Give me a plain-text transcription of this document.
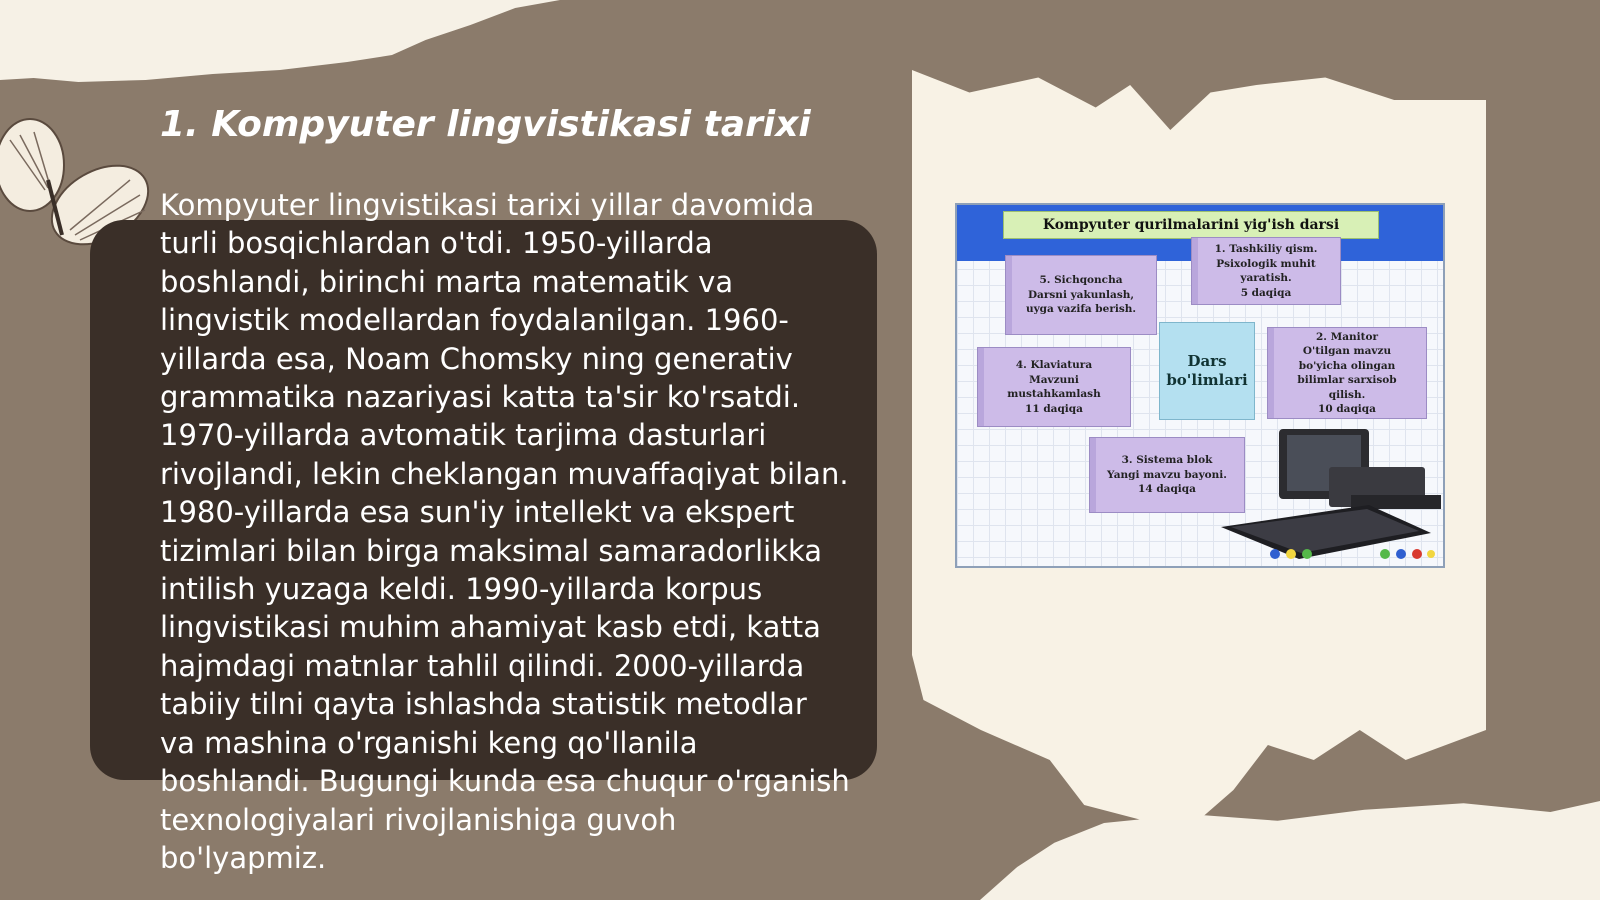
1. Kompyuter lingvistikasi tarixi

Kompyuter lingvistikasi tarixi yillar davomida turli bosqichlardan o'tdi. 1950-yillarda boshlandi, birinchi marta matematik va lingvistik modellardan foydalanilgan. 1960-yillarda esa, Noam Chomsky ning generativ grammatika nazariyasi katta ta'sir ko'rsatdi. 1970-yillarda avtomatik tarjima dasturlari rivojlandi, lekin cheklangan muvaffaqiyat bilan. 1980-yillarda esa sun'iy intellekt va ekspert tizimlari bilan birga maksimal samaradorlikka intilish yuzaga keldi. 1990-yillarda korpus lingvistikasi muhim ahamiyat kasb etdi, katta hajmdagi matnlar tahlil qilindi. 2000-yillarda tabiiy tilni qayta ishlashda statistik metodlar va mashina o'rganishi keng qo'llanila boshlandi. Bugungi kunda esa chuqur o'rganish texnologiyalari rivojlanishiga guvoh bo'lyapmiz.

Kompyuter qurilmalarini yig'ish darsi
1. Tashkiliy qism.
Psixologik muhit
yaratish.
5 daqiqa
5. Sichqoncha
Darsni yakunlash,
uyga vazifa berish.
Dars
bo'limlari
2. Manitor
O'tilgan mavzu
bo'yicha olingan
bilimlar sarxisob
qilish.
10 daqiqa
4. Klaviatura
Mavzuni
mustahkamlash
11 daqiqa
3. Sistema blok
Yangi mavzu bayoni.
14 daqiqa
